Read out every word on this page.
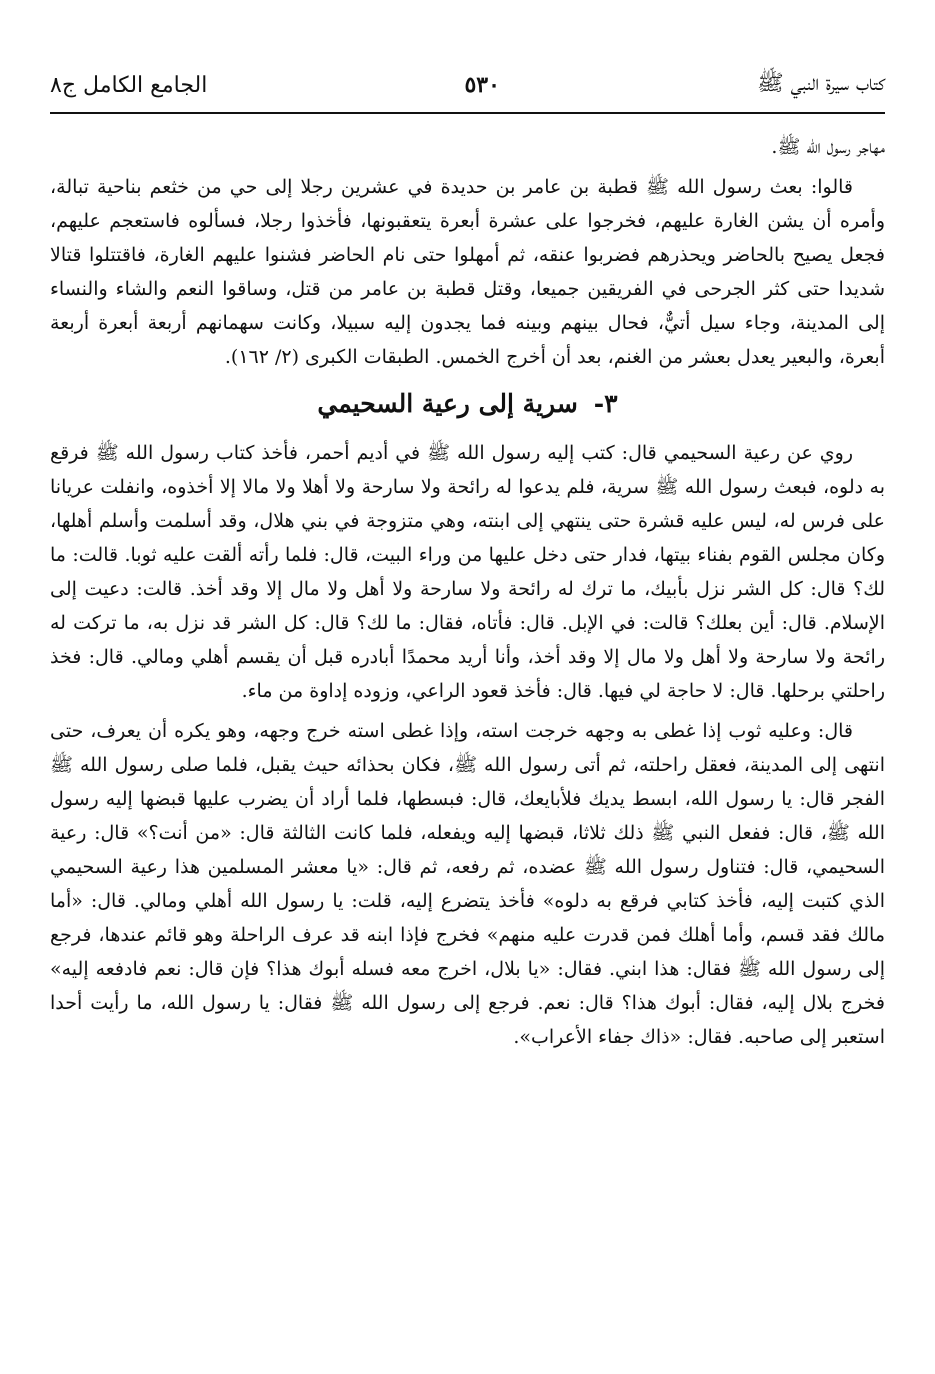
كتاب سيرة النبي ﷺ
٥٣٠
الجامع الكامل ج٨

مهاجر رسول الله ﷺ.

قالوا: بعث رسول الله ﷺ قطبة بن عامر بن حديدة في عشرين رجلا إلى حي من خثعم بناحية تبالة، وأمره أن يشن الغارة عليهم، فخرجوا على عشرة أبعرة يتعقبونها، فأخذوا رجلا، فسألوه فاستعجم عليهم، فجعل يصيح بالحاضر ويحذرهم فضربوا عنقه، ثم أمهلوا حتى نام الحاضر فشنوا عليهم الغارة، فاقتتلوا قتالا شديدا حتى كثر الجرحى في الفريقين جميعا، وقتل قطبة بن عامر من قتل، وساقوا النعم والشاء والنساء إلى المدينة، وجاء سيل أتيٌّ، فحال بينهم وبينه فما يجدون إليه سبيلا، وكانت سهمانهم أربعة أبعرة أربعة أبعرة، والبعير يعدل بعشر من الغنم، بعد أن أخرج الخمس. الطبقات الكبرى (٢/ ١٦٢).

٣-سرية إلى رعية السحيمي

روي عن رعية السحيمي قال: كتب إليه رسول الله ﷺ في أديم أحمر، فأخذ كتاب رسول الله ﷺ فرقع به دلوه، فبعث رسول الله ﷺ سرية، فلم يدعوا له رائحة ولا سارحة ولا أهلا ولا مالا إلا أخذوه، وانفلت عريانا على فرس له، ليس عليه قشرة حتى ينتهي إلى ابنته، وهي متزوجة في بني هلال، وقد أسلمت وأسلم أهلها، وكان مجلس القوم بفناء بيتها، فدار حتى دخل عليها من وراء البيت، قال: فلما رأته ألقت عليه ثوبا. قالت: ما لك؟ قال: كل الشر نزل بأبيك، ما ترك له رائحة ولا سارحة ولا أهل ولا مال إلا وقد أخذ. قالت: دعيت إلى الإسلام. قال: أين بعلك؟ قالت: في الإبل. قال: فأتاه، فقال: ما لك؟ قال: كل الشر قد نزل به، ما تركت له رائحة ولا سارحة ولا أهل ولا مال إلا وقد أخذ، وأنا أريد محمدًا أبادره قبل أن يقسم أهلي ومالي. قال: فخذ راحلتي برحلها. قال: لا حاجة لي فيها. قال: فأخذ قعود الراعي، وزوده إداوة من ماء.

قال: وعليه ثوب إذا غطى به وجهه خرجت استه، وإذا غطى استه خرج وجهه، وهو يكره أن يعرف، حتى انتهى إلى المدينة، فعقل راحلته، ثم أتى رسول الله ﷺ، فكان بحذائه حيث يقبل، فلما صلى رسول الله ﷺ الفجر قال: يا رسول الله، ابسط يديك فلأبايعك، قال: فبسطها، فلما أراد أن يضرب عليها قبضها إليه رسول الله ﷺ، قال: ففعل النبي ﷺ ذلك ثلاثا، قبضها إليه ويفعله، فلما كانت الثالثة قال: «من أنت؟» قال: رعية السحيمي، قال: فتناول رسول الله ﷺ عضده، ثم رفعه، ثم قال: «يا معشر المسلمين هذا رعية السحيمي الذي كتبت إليه، فأخذ كتابي فرقع به دلوه» فأخذ يتضرع إليه، قلت: يا رسول الله أهلي ومالي. قال: «أما مالك فقد قسم، وأما أهلك فمن قدرت عليه منهم» فخرج فإذا ابنه قد عرف الراحلة وهو قائم عندها، فرجع إلى رسول الله ﷺ فقال: هذا ابني. فقال: «يا بلال، اخرج معه فسله أبوك هذا؟ فإن قال: نعم فادفعه إليه» فخرج بلال إليه، فقال: أبوك هذا؟ قال: نعم. فرجع إلى رسول الله ﷺ فقال: يا رسول الله، ما رأيت أحدا استعبر إلى صاحبه. فقال: «ذاك جفاء الأعراب».
